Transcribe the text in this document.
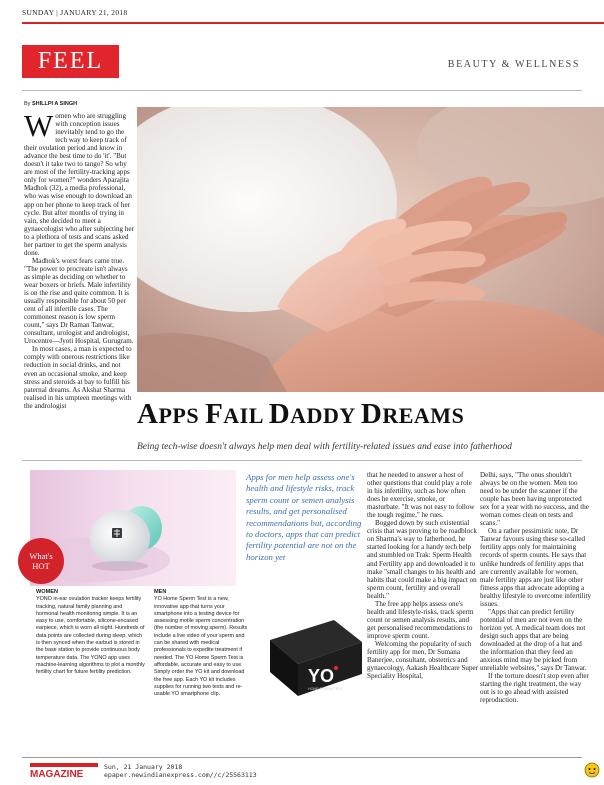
SUNDAY | JANUARY 21, 2018
FEEL	BEAUTY & WELLNESS
By SHILLPI A SINGH

Women who are struggling with conception issues inevitably tend to go the tech way to keep track of their ovulation period and know in advance the best time to do 'it'. "But doesn't it take two to tango? So why are most of the fertility-tracking apps only for women?" wonders Aparajita Madhok (32), a media professional, who was wise enough to download an app on her phone to keep track of her cycle. But after months of trying in vain, she decided to meet a gynaecologist who after subjecting her to a plethora of tests and scans asked her partner to get the sperm analysis done.

Madhok's worst fears came true. "The power to procreate isn't always as simple as deciding on whether to wear boxers or briefs. Male infertility is on the rise and quite common. It is usually responsible for about 50 per cent of all infertile cases. The commonest reason is low sperm count," says Dr Raman Tanwar, consultant, urologist and andrologist, Urocentre—Jyoti Hospital, Gurugram.

In most cases, a man is expected to comply with onerous restrictions like reduction in social drinks, and not even an occasional smoke, and keep stress and steroids at bay to fulfill his paternal dreams. As Akshat Sharma realised in his umpteen meetings with the andrologist	APPS FAIL DADDY DREAMS
Being tech-wise doesn't always help men deal with fertility-related issues and ease into fatherhood
What's
HOT
Apps for men help assess one's health and lifestyle risks, track sperm count or semen analysis results, and get personalised recommendations but, according to doctors, apps that can predict fertility potential are not on the horizon yet
WOMEN
YONO in-ear ovulation tracker keeps fertility tracking, natural family planning and hormonal health monitoring simple. It is an easy to use, comfortable, silicone-encased earpiece, which is worn all night. Hundreds of data points are collected during sleep, which is then synced when the earbud is stored in the base station to provide continuous body temperature data. The YONO app uses machine-learning algorithms to plot a monthly fertility chart for future fertility prediction.
MEN
YO Home Sperm Test is a new, innovative app that turns your smartphone into a testing device for assessing motile sperm concentration (the number of moving sperm). Results include a live video of your sperm and can be shared with medical professionals to expedite treatment if needed. The YO Home Sperm Test is affordable, accurate and easy to use. Simply order the YO kit and download the free app. Each YO kit includes supplies for running two tests and re-usable YO smartphone clip.
YO
HOME SPERM TEST

that he needed to answer a host of other questions that could play a role in his infertility, such as how often does he exercise, smoke, or masturbate. "It was not easy to follow the tough regime," he rues.

Bogged down by such existential crisis that was proving to be roadblock on Sharma's way to fatherhood, he started looking for a handy tech help and stumbled on Trak: Sperm Health and Fertility app and downloaded it to make "small changes to his health and habits that could make a big impact on sperm count, fertility and overall health."

The free app helps assess one's health and lifestyle-risks, track sperm count or semen analysis results, and get personalised recommendations to improve sperm count.

Welcoming the popularity of such fertility app for men, Dr Sumana Banerjee, consultant, obstetrics and gynaecology, Aakash Healthcare Super Speciality Hospital,

Delhi, says, "The onus shouldn't always be on the women. Men too need to be under the scanner if the couple has been having unprotected sex for a year with no success, and the woman comes clean on tests and scans."

On a rather pessimistic note, Dr Tanwar favours using these so-called fertility apps only for maintaining records of sperm counts. He says that unlike hundreds of fertility apps that are currently available for women, male fertility apps are just like other fitness apps that advocate adopting a healthy lifestyle to overcome infertility issues.

"Apps that can predict fertility potential of men are not even on the horizon yet. A medical team does not design such apps that are being downloaded at the drop of a hat and the information that they feed an anxious mind may be picked from unreliable websites," says Dr Tanwar.

If the torture doesn't stop even after starting the right treatment, the way out is to go ahead with assisted reproduction.

MAGAZINE
Sun, 21 January 2018
epaper.newindianexpress.com//c/25563113
